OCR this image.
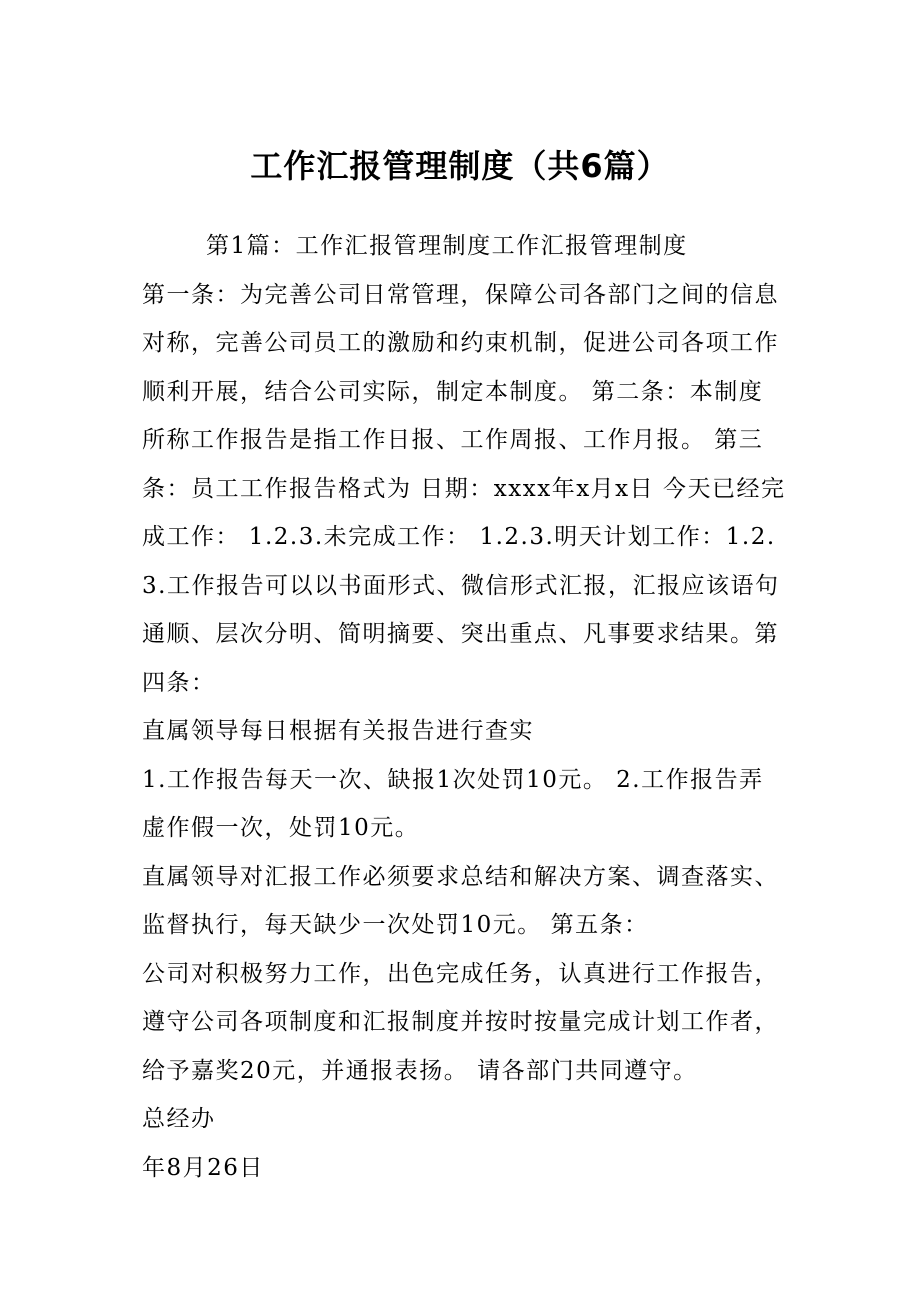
工作汇报管理制度（共6篇）

第1篇：工作汇报管理制度工作汇报管理制度

第一条：为完善公司日常管理，保障公司各部门之间的信息对称，完善公司员工的激励和约束机制，促进公司各项工作顺利开展，结合公司实际，制定本制度。 第二条：本制度所称工作报告是指工作日报、工作周报、工作月报。 第三条：员工工作报告格式为 日期：xxxx年x月x日 今天已经完成工作： 1.2.3.未完成工作： 1.2.3.明天计划工作：1.2.3.工作报告可以以书面形式、微信形式汇报，汇报应该语句通顺、层次分明、简明摘要、突出重点、凡事要求结果。第四条：

直属领导每日根据有关报告进行查实

1.工作报告每天一次、缺报1次处罚10元。 2.工作报告弄虚作假一次，处罚10元。

直属领导对汇报工作必须要求总结和解决方案、调查落实、监督执行，每天缺少一次处罚10元。 第五条：

公司对积极努力工作，出色完成任务，认真进行工作报告，遵守公司各项制度和汇报制度并按时按量完成计划工作者，给予嘉奖20元，并通报表扬。 请各部门共同遵守。

总经办

年8月26日
